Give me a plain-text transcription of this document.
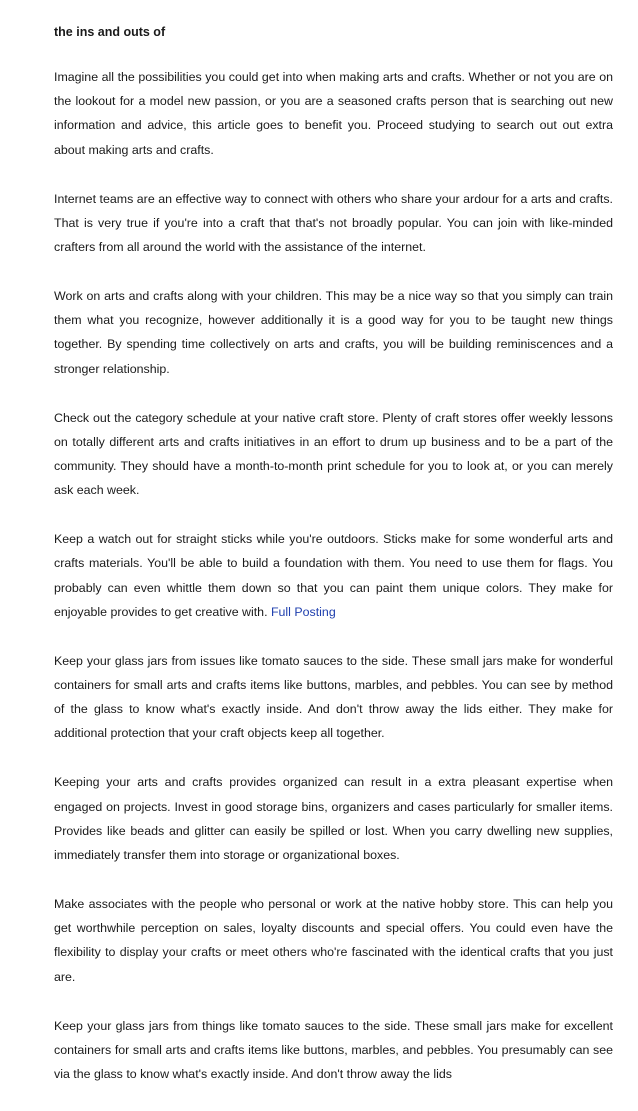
the ins and outs of

Imagine all the possibilities you could get into when making arts and crafts. Whether or not you are on the lookout for a model new passion, or you are a seasoned crafts person that is searching out new information and advice, this article goes to benefit you. Proceed studying to search out out extra about making arts and crafts.

Internet teams are an effective way to connect with others who share your ardour for a arts and crafts. That is very true if you're into a craft that that's not broadly popular. You can join with like-minded crafters from all around the world with the assistance of the internet.

Work on arts and crafts along with your children. This may be a nice way so that you simply can train them what you recognize, however additionally it is a good way for you to be taught new things together. By spending time collectively on arts and crafts, you will be building reminiscences and a stronger relationship.

Check out the category schedule at your native craft store. Plenty of craft stores offer weekly lessons on totally different arts and crafts initiatives in an effort to drum up business and to be a part of the community. They should have a month-to-month print schedule for you to look at, or you can merely ask each week.

Keep a watch out for straight sticks while you're outdoors. Sticks make for some wonderful arts and crafts materials. You'll be able to build a foundation with them. You need to use them for flags. You probably can even whittle them down so that you can paint them unique colors. They make for enjoyable provides to get creative with. Full Posting

Keep your glass jars from issues like tomato sauces to the side. These small jars make for wonderful containers for small arts and crafts items like buttons, marbles, and pebbles. You can see by method of the glass to know what's exactly inside. And don't throw away the lids either. They make for additional protection that your craft objects keep all together.

Keeping your arts and crafts provides organized can result in a extra pleasant expertise when engaged on projects. Invest in good storage bins, organizers and cases particularly for smaller items. Provides like beads and glitter can easily be spilled or lost. When you carry dwelling new supplies, immediately transfer them into storage or organizational boxes.

Make associates with the people who personal or work at the native hobby store. This can help you get worthwhile perception on sales, loyalty discounts and special offers. You could even have the flexibility to display your crafts or meet others who're fascinated with the identical crafts that you just are.

Keep your glass jars from things like tomato sauces to the side. These small jars make for excellent containers for small arts and crafts items like buttons, marbles, and pebbles. You presumably can see via the glass to know what's exactly inside. And don't throw away the lids
